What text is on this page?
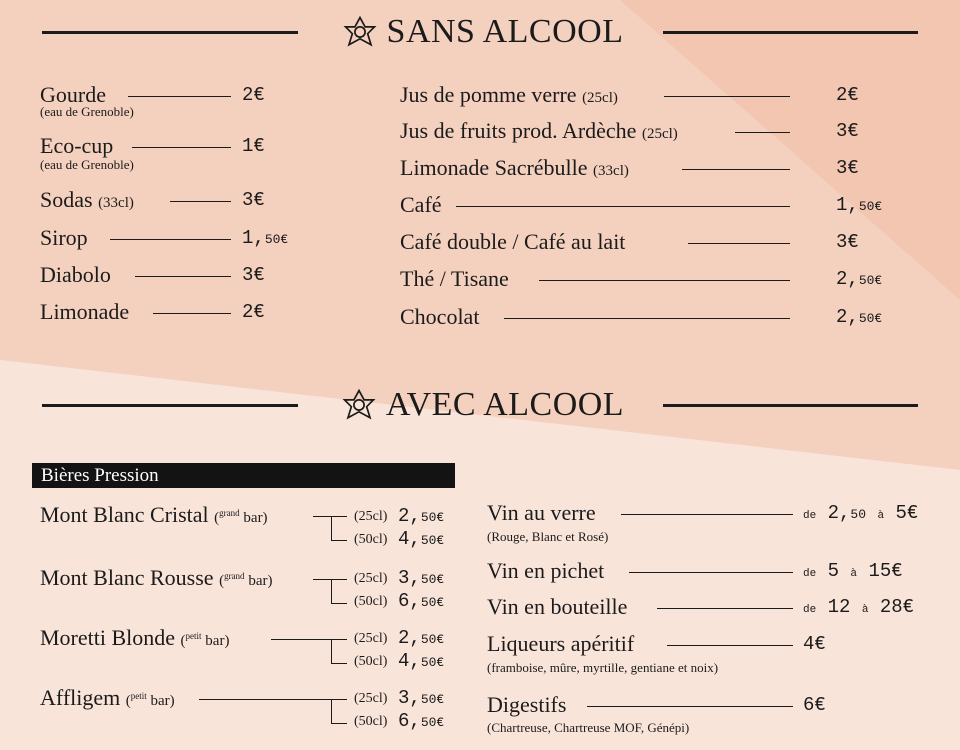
SANS ALCOOL
Gourde	2€
(eau de Grenoble)
Eco-cup	1€
(eau de Grenoble)
Sodas (33cl)	3€
Sirop	1,50€
Diabolo	3€
Limonade	2€
Jus de pomme verre (25cl)	2€
Jus de fruits prod. Ardèche (25cl)	3€
Limonade Sacrébulle (33cl)	3€
Café	1,50€
Café double / Café au lait	3€
Thé / Tisane	2,50€
Chocolat	2,50€
AVEC ALCOOL
Bières Pression
Mont Blanc Cristal ($^{grand}$ bar)	(25cl) 2,50€
(50cl) 4,50€
Mont Blanc Rousse ($^{grand}$ bar)	(25cl) 3,50€
(50cl) 6,50€
Moretti Blonde ($^{petit}$ bar)	(25cl) 2,50€
(50cl) 4,50€
Affligem ($^{petit}$ bar)	(25cl) 3,50€
(50cl) 6,50€
Vin au verre	de 2,50 à 5€
(Rouge, Blanc et Rosé)
Vin en pichet	de 5 à 15€
Vin en bouteille	de 12 à 28€
Liqueurs apéritif	4€
(framboise, mûre, myrtille, gentiane et noix)
Digestifs	6€
(Chartreuse, Chartreuse MOF, Génépi)
